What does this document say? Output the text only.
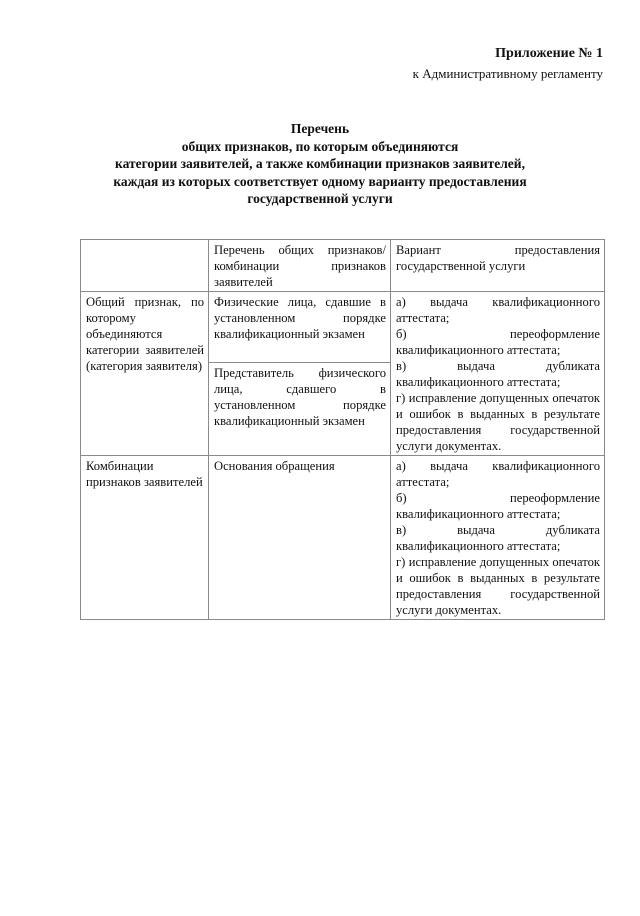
Приложение № 1
к Административному регламенту
Перечень
общих признаков, по которым объединяются
категории заявителей, а также комбинации признаков заявителей,
каждая из которых соответствует одному варианту предоставления
государственной услуги
	Перечень общих признаков/ комбинации признаков заявителей	Вариант предоставления государственной услуги
Общий признак, по которому объединяются категории заявителей (категория заявителя)	Физические лица, сдавшие в установленном порядке квалификационный экзамен	а) выдача квалификационного аттестата;
б) переоформление квалификационного аттестата;
в) выдача дубликата квалификационного аттестата;
г) исправление допущенных опечаток и ошибок в выданных в результате предоставления государственной услуги документах.

	Представитель физического лица, сдавшего в установленном порядке квалификационный экзамен	
Комбинации признаков заявителей	Основания обращения	а) выдача квалификационного аттестата;
б) переоформление квалификационного аттестата;
в) выдача дубликата квалификационного аттестата;
г) исправление допущенных опечаток и ошибок в выданных в результате предоставления государственной услуги документах.
